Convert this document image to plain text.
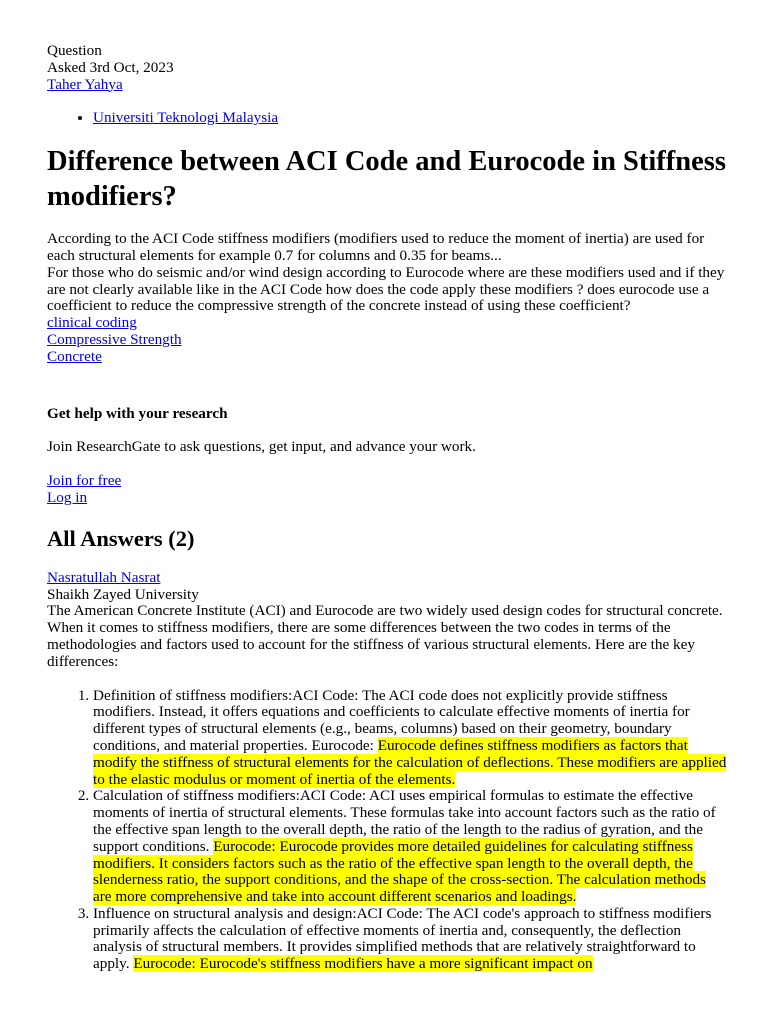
Question
Asked 3rd Oct, 2023
Taher Yahya
• Universiti Teknologi Malaysia
Difference between ACI Code and Eurocode in Stiffness modifiers?
According to the ACI Code stiffness modifiers (modifiers used to reduce the moment of inertia) are used for each structural elements for example 0.7 for columns and 0.35 for beams...
For those who do seismic and/or wind design according to Eurocode where are these modifiers used and if they are not clearly available like in the ACI Code how does the code apply these modifiers ? does eurocode use a coefficient to reduce the compressive strength of the concrete instead of using these coefficient?
clinical coding
Compressive Strength
Concrete
Get help with your research
Join ResearchGate to ask questions, get input, and advance your work.
Join for free
Log in
All Answers (2)
Nasratullah Nasrat
Shaikh Zayed University
The American Concrete Institute (ACI) and Eurocode are two widely used design codes for structural concrete. When it comes to stiffness modifiers, there are some differences between the two codes in terms of the methodologies and factors used to account for the stiffness of various structural elements. Here are the key differences:
1. Definition of stiffness modifiers:ACI Code: The ACI code does not explicitly provide stiffness modifiers. Instead, it offers equations and coefficients to calculate effective moments of inertia for different types of structural elements (e.g., beams, columns) based on their geometry, boundary conditions, and material properties. Eurocode: Eurocode defines stiffness modifiers as factors that modify the stiffness of structural elements for the calculation of deflections. These modifiers are applied to the elastic modulus or moment of inertia of the elements.
2. Calculation of stiffness modifiers:ACI Code: ACI uses empirical formulas to estimate the effective moments of inertia of structural elements. These formulas take into account factors such as the ratio of the effective span length to the overall depth, the ratio of the length to the radius of gyration, and the support conditions. Eurocode: Eurocode provides more detailed guidelines for calculating stiffness modifiers. It considers factors such as the ratio of the effective span length to the overall depth, the slenderness ratio, the support conditions, and the shape of the cross-section. The calculation methods are more comprehensive and take into account different scenarios and loadings.
3. Influence on structural analysis and design:ACI Code: The ACI code's approach to stiffness modifiers primarily affects the calculation of effective moments of inertia and, consequently, the deflection analysis of structural members. It provides simplified methods that are relatively straightforward to apply. Eurocode: Eurocode's stiffness modifiers have a more significant impact on
